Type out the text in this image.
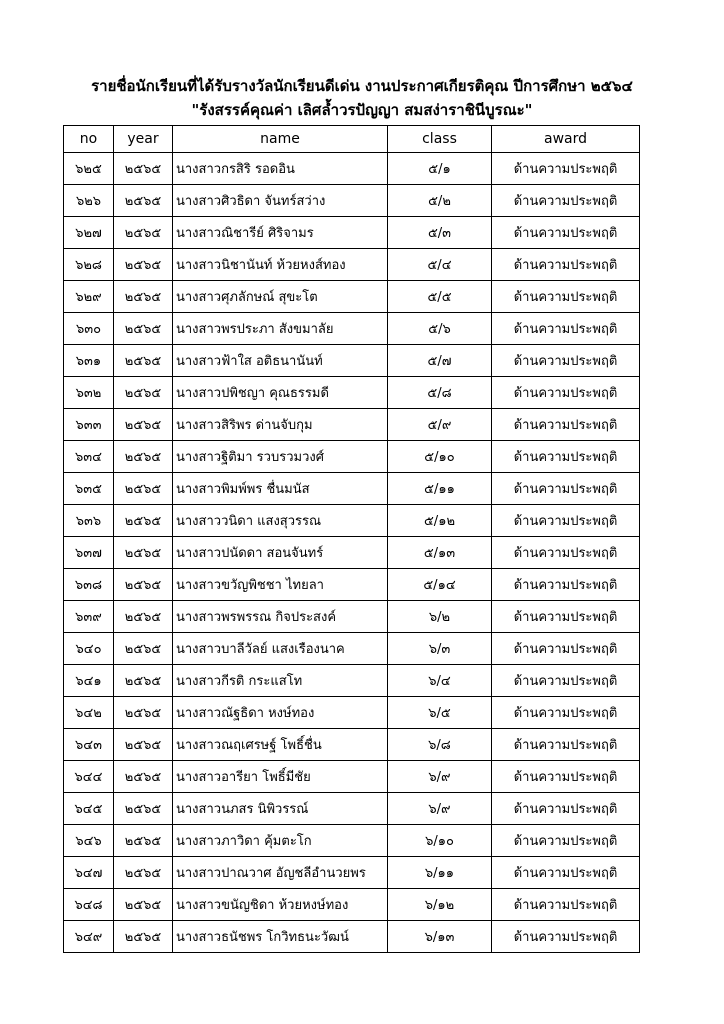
รายชื่อนักเรียนที่ได้รับรางวัลนักเรียนดีเด่น งานประกาศเกียรติคุณ ปีการศึกษา ๒๕๖๔
"รังสรรค์คุณค่า เลิศล้ำวรปัญญา สมสง่าราชินีบูรณะ"
no	year	name	class	award
๖๒๕	๒๕๖๕	นางสาวกรสิริ รอดอิน	๕/๑	ด้านความประพฤติ
๖๒๖	๒๕๖๕	นางสาวศิวธิดา จันทร์สว่าง	๕/๒	ด้านความประพฤติ
๖๒๗	๒๕๖๕	นางสาวณิชารีย์ ศิริจามร	๕/๓	ด้านความประพฤติ
๖๒๘	๒๕๖๕	นางสาวนิชานันท์ ห้วยหงส์ทอง	๕/๔	ด้านความประพฤติ
๖๒๙	๒๕๖๕	นางสาวศุภลักษณ์ สุขะโต	๕/๕	ด้านความประพฤติ
๖๓๐	๒๕๖๕	นางสาวพรประภา สังขมาลัย	๕/๖	ด้านความประพฤติ
๖๓๑	๒๕๖๕	นางสาวฟ้าใส อติธนานันท์	๕/๗	ด้านความประพฤติ
๖๓๒	๒๕๖๕	นางสาวปพิชญา คุณธรรมดี	๕/๘	ด้านความประพฤติ
๖๓๓	๒๕๖๕	นางสาวสิริพร ด่านจับกุม	๕/๙	ด้านความประพฤติ
๖๓๔	๒๕๖๕	นางสาวฐิติมา รวบรวมวงศ์	๕/๑๐	ด้านความประพฤติ
๖๓๕	๒๕๖๕	นางสาวพิมพ์พร ชื่นมนัส	๕/๑๑	ด้านความประพฤติ
๖๓๖	๒๕๖๕	นางสาววนิดา แสงสุวรรณ	๕/๑๒	ด้านความประพฤติ
๖๓๗	๒๕๖๕	นางสาวปนัดดา สอนจันทร์	๕/๑๓	ด้านความประพฤติ
๖๓๘	๒๕๖๕	นางสาวขวัญพิชชา ไทยลา	๕/๑๔	ด้านความประพฤติ
๖๓๙	๒๕๖๕	นางสาวพรพรรณ กิจประสงค์	๖/๒	ด้านความประพฤติ
๖๔๐	๒๕๖๕	นางสาวบาลีวัลย์ แสงเรืองนาค	๖/๓	ด้านความประพฤติ
๖๔๑	๒๕๖๕	นางสาวกีรติ กระแสโท	๖/๔	ด้านความประพฤติ
๖๔๒	๒๕๖๕	นางสาวณัฐธิดา หงษ์ทอง	๖/๕	ด้านความประพฤติ
๖๔๓	๒๕๖๕	นางสาวณฤเศรษฐ์ โพธิ์ชื่น	๖/๘	ด้านความประพฤติ
๖๔๔	๒๕๖๕	นางสาวอารียา โพธิ์มีชัย	๖/๙	ด้านความประพฤติ
๖๔๕	๒๕๖๕	นางสาวนภสร นิพิวรรณ์	๖/๙	ด้านความประพฤติ
๖๔๖	๒๕๖๕	นางสาวภาวิดา คุ้มตะโก	๖/๑๐	ด้านความประพฤติ
๖๔๗	๒๕๖๕	นางสาวปาณวาศ อัญชลีอำนวยพร	๖/๑๑	ด้านความประพฤติ
๖๔๘	๒๕๖๕	นางสาวขนัญชิดา ห้วยหงษ์ทอง	๖/๑๒	ด้านความประพฤติ
๖๔๙	๒๕๖๕	นางสาวธนัชพร โกวิทธนะวัฒน์	๖/๑๓	ด้านความประพฤติ
